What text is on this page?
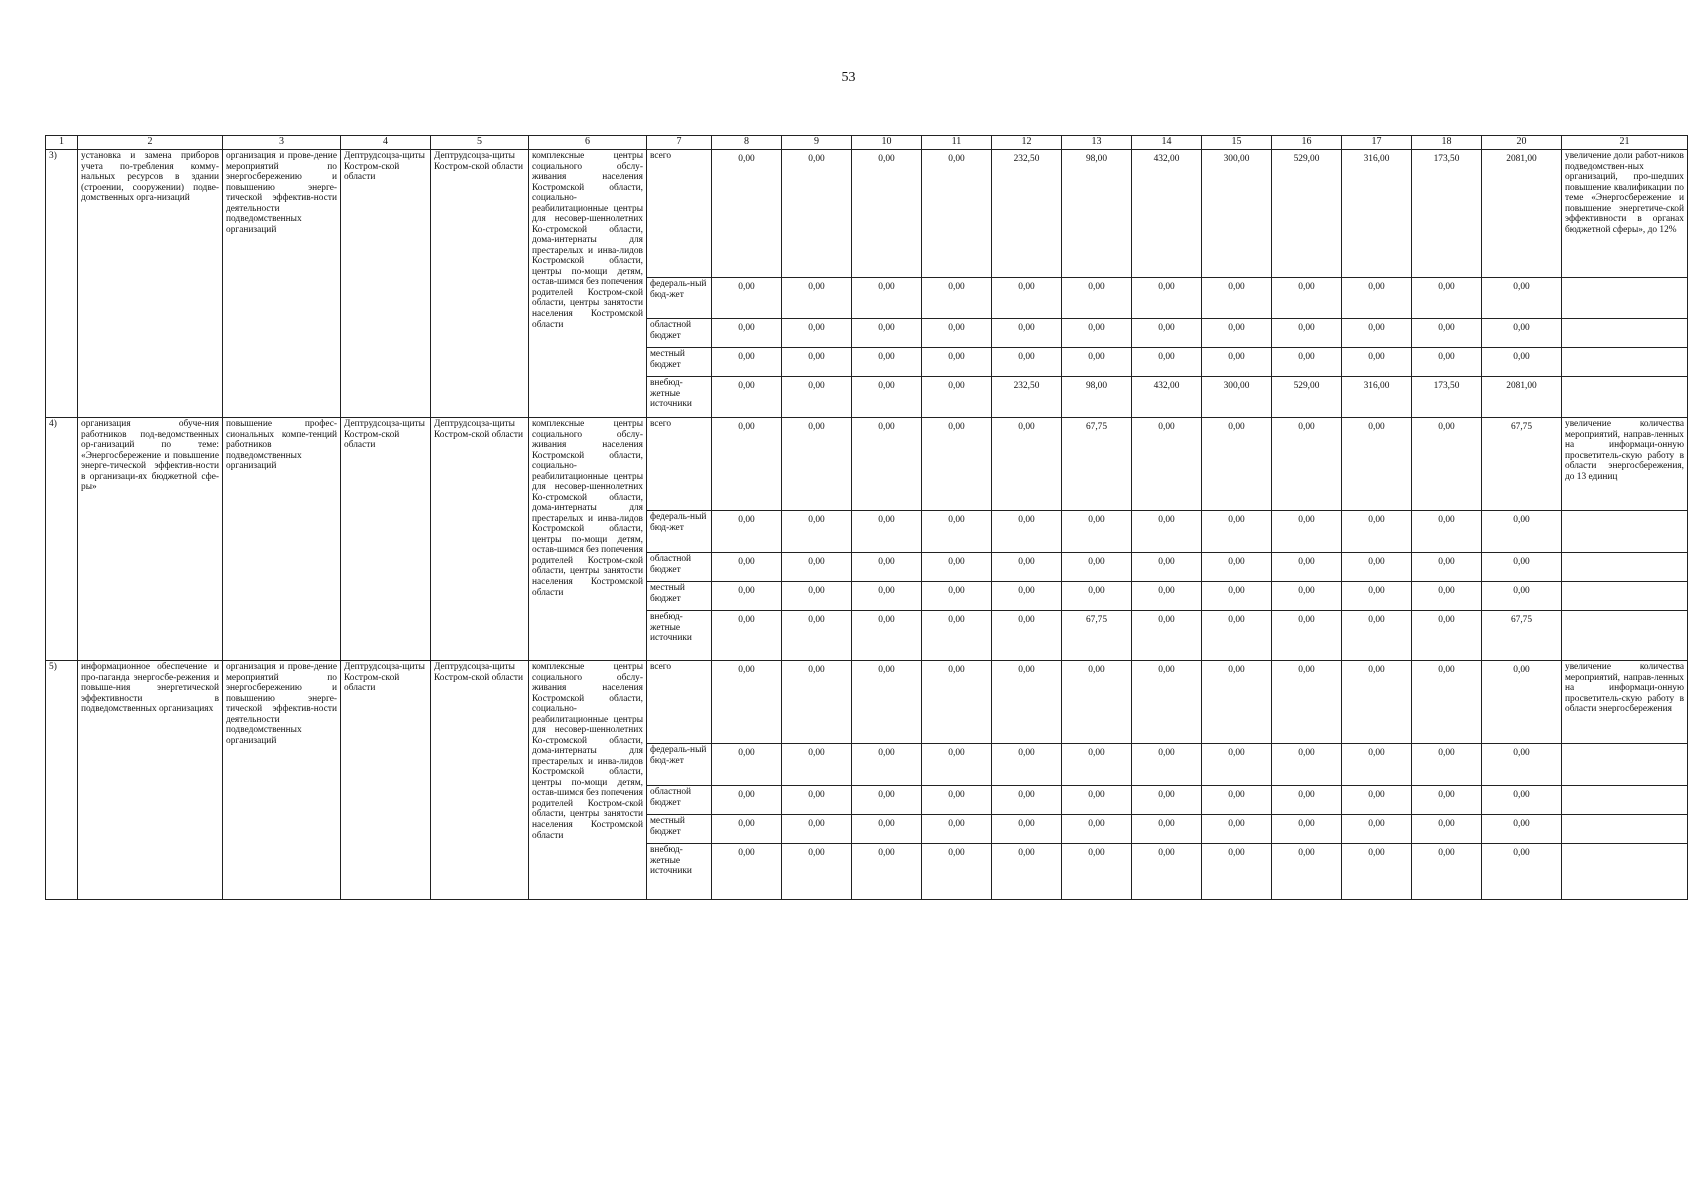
53
1	2	3	4	5	6	7	8	9	10	11	12	13	14	15	16	17	18	20	21
3)	установка и замена приборов учета по-требления комму-нальных ресурсов в здании (строении, сооружении) подве-домственных орга-низаций	организация и прове-дение мероприятий по энергосбережению и повышению энерге-тической эффектив-ности деятельности подведомственных организаций	Дептрудсоцза-щиты Костром-ской области	Дептрудсоцза-щиты Костром-ской области	комплексные центры социального обслу-живания населения Костромской области, социально-реабилитационные центры для несовер-шеннолетних Ко-стромской области, дома-интернаты для престарелых и инва-лидов Костромской области, центры по-мощи детям, остав-шимся без попечения родителей Костром-ской области, центры занятости населения Костромской области	всего	0,00	0,00	0,00	0,00	232,50	98,00	432,00	300,00	529,00	316,00	173,50	2081,00	увеличение доли работ-ников подведомствен-ных организаций, про-шедших повышение квалификации по теме «Энергосбережение и повышение энергетиче-ской эффективности в органах бюджетной сферы», до 12%
						федераль-ный бюд-жет	0,00	0,00	0,00	0,00	0,00	0,00	0,00	0,00	0,00	0,00	0,00	0,00	
						областной бюджет	0,00	0,00	0,00	0,00	0,00	0,00	0,00	0,00	0,00	0,00	0,00	0,00	
						местный бюджет	0,00	0,00	0,00	0,00	0,00	0,00	0,00	0,00	0,00	0,00	0,00	0,00	
						внебюд-жетные источники	0,00	0,00	0,00	0,00	232,50	98,00	432,00	300,00	529,00	316,00	173,50	2081,00	
4)	организация обуче-ния работников под-ведомственных ор-ганизаций по теме: «Энергосбережение и повышение энерге-тической эффектив-ности в организаци-ях бюджетной сфе-ры»	повышение профес-сиональных компе-тенций работников подведомственных организаций	Дептрудсоцза-щиты Костром-ской области	Дептрудсоцза-щиты Костром-ской области	комплексные центры социального обслу-живания населения Костромской области, социально-реабилитационные центры для несовер-шеннолетних Ко-стромской области, дома-интернаты для престарелых и инва-лидов Костромской области, центры по-мощи детям, остав-шимся без попечения родителей Костром-ской области, центры занятости населения Костромской области	всего	0,00	0,00	0,00	0,00	0,00	67,75	0,00	0,00	0,00	0,00	0,00	67,75	увеличение количества мероприятий, направ-ленных на информаци-онную просветитель-скую работу в области энергосбережения, до 13 единиц
						федераль-ный бюд-жет	0,00	0,00	0,00	0,00	0,00	0,00	0,00	0,00	0,00	0,00	0,00	0,00	
						областной бюджет	0,00	0,00	0,00	0,00	0,00	0,00	0,00	0,00	0,00	0,00	0,00	0,00	
						местный бюджет	0,00	0,00	0,00	0,00	0,00	0,00	0,00	0,00	0,00	0,00	0,00	0,00	
						внебюд-жетные источники	0,00	0,00	0,00	0,00	0,00	67,75	0,00	0,00	0,00	0,00	0,00	67,75	
5)	информационное обеспечение и про-паганда энергосбе-режения и повыше-ния энергетической эффективности в подведомственных организациях	организация и прове-дение мероприятий по энергосбережению и повышению энерге-тической эффектив-ности деятельности подведомственных организаций	Дептрудсоцза-щиты Костром-ской области	Дептрудсоцза-щиты Костром-ской области	комплексные центры социального обслу-живания населения Костромской области, социально-реабилитационные центры для несовер-шеннолетних Ко-стромской области, дома-интернаты для престарелых и инва-лидов Костромской области, центры по-мощи детям, остав-шимся без попечения родителей Костром-ской области, центры занятости населения Костромской области	всего	0,00	0,00	0,00	0,00	0,00	0,00	0,00	0,00	0,00	0,00	0,00	0,00	увеличение количества мероприятий, направ-ленных на информаци-онную просветитель-скую работу в области энергосбережения
						федераль-ный бюд-жет	0,00	0,00	0,00	0,00	0,00	0,00	0,00	0,00	0,00	0,00	0,00	0,00	
						областной бюджет	0,00	0,00	0,00	0,00	0,00	0,00	0,00	0,00	0,00	0,00	0,00	0,00	
						местный бюджет	0,00	0,00	0,00	0,00	0,00	0,00	0,00	0,00	0,00	0,00	0,00	0,00	
						внебюд-жетные источники	0,00	0,00	0,00	0,00	0,00	0,00	0,00	0,00	0,00	0,00	0,00	0,00	
